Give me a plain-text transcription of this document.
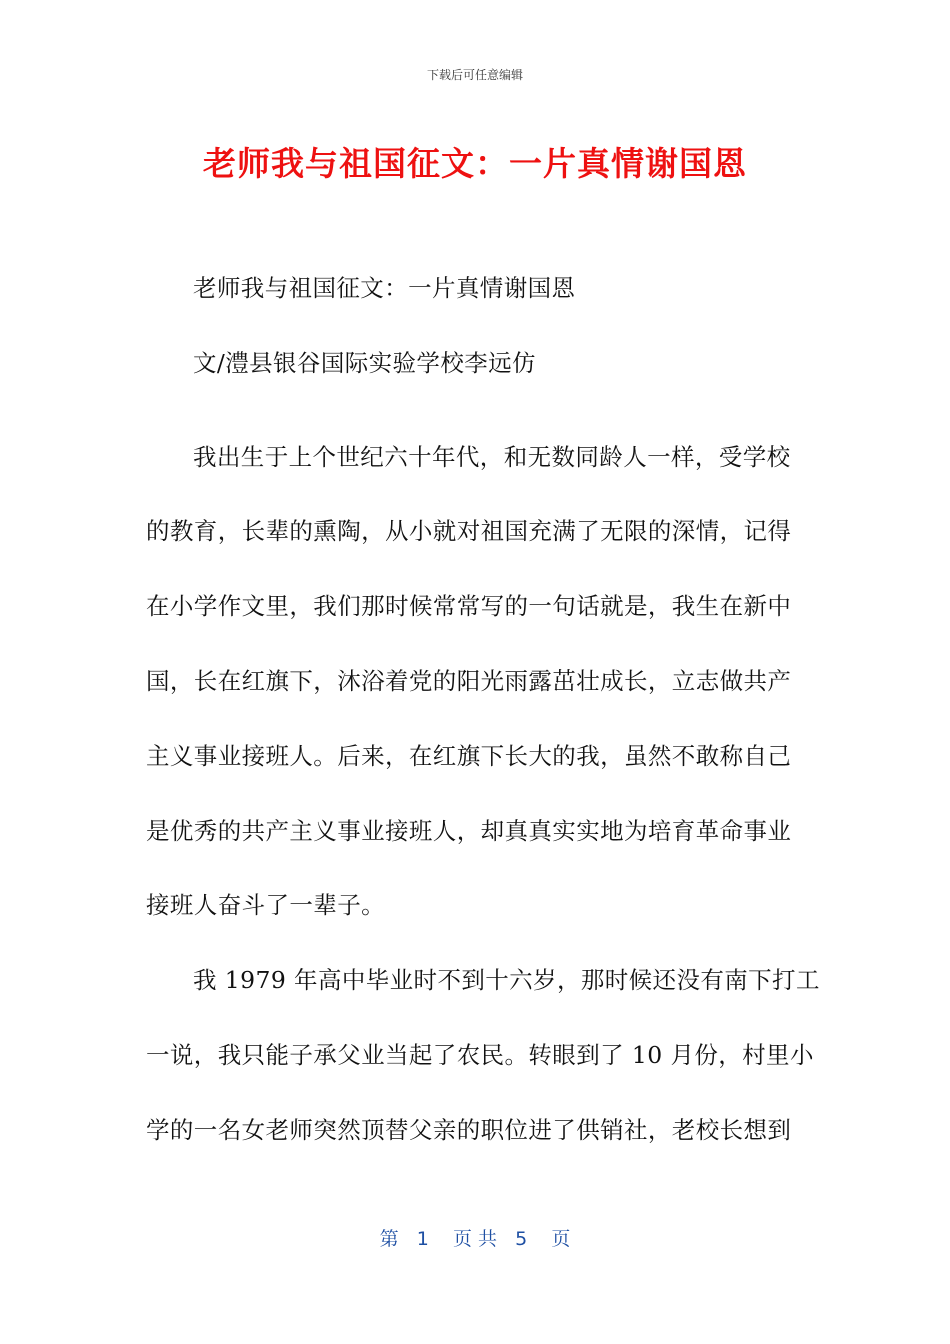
下载后可任意编辑
老师我与祖国征文：一片真情谢国恩

老师我与祖国征文：一片真情谢国恩

文/澧县银谷国际实验学校李远仿

我出生于上个世纪六十年代，和无数同龄人一样，受学校
的教育，长辈的熏陶，从小就对祖国充满了无限的深情，记得
在小学作文里，我们那时候常常写的一句话就是，我生在新中
国，长在红旗下，沐浴着党的阳光雨露茁壮成长，立志做共产
主义事业接班人。后来，在红旗下长大的我，虽然不敢称自己
是优秀的共产主义事业接班人，却真真实实地为培育革命事业
接班人奋斗了一辈子。
我 1979 年高中毕业时不到十六岁，那时候还没有南下打工
一说，我只能子承父业当起了农民。转眼到了 10 月份，村里小
学的一名女老师突然顶替父亲的职位进了供销社，老校长想到
第   1    页 共   5    页
